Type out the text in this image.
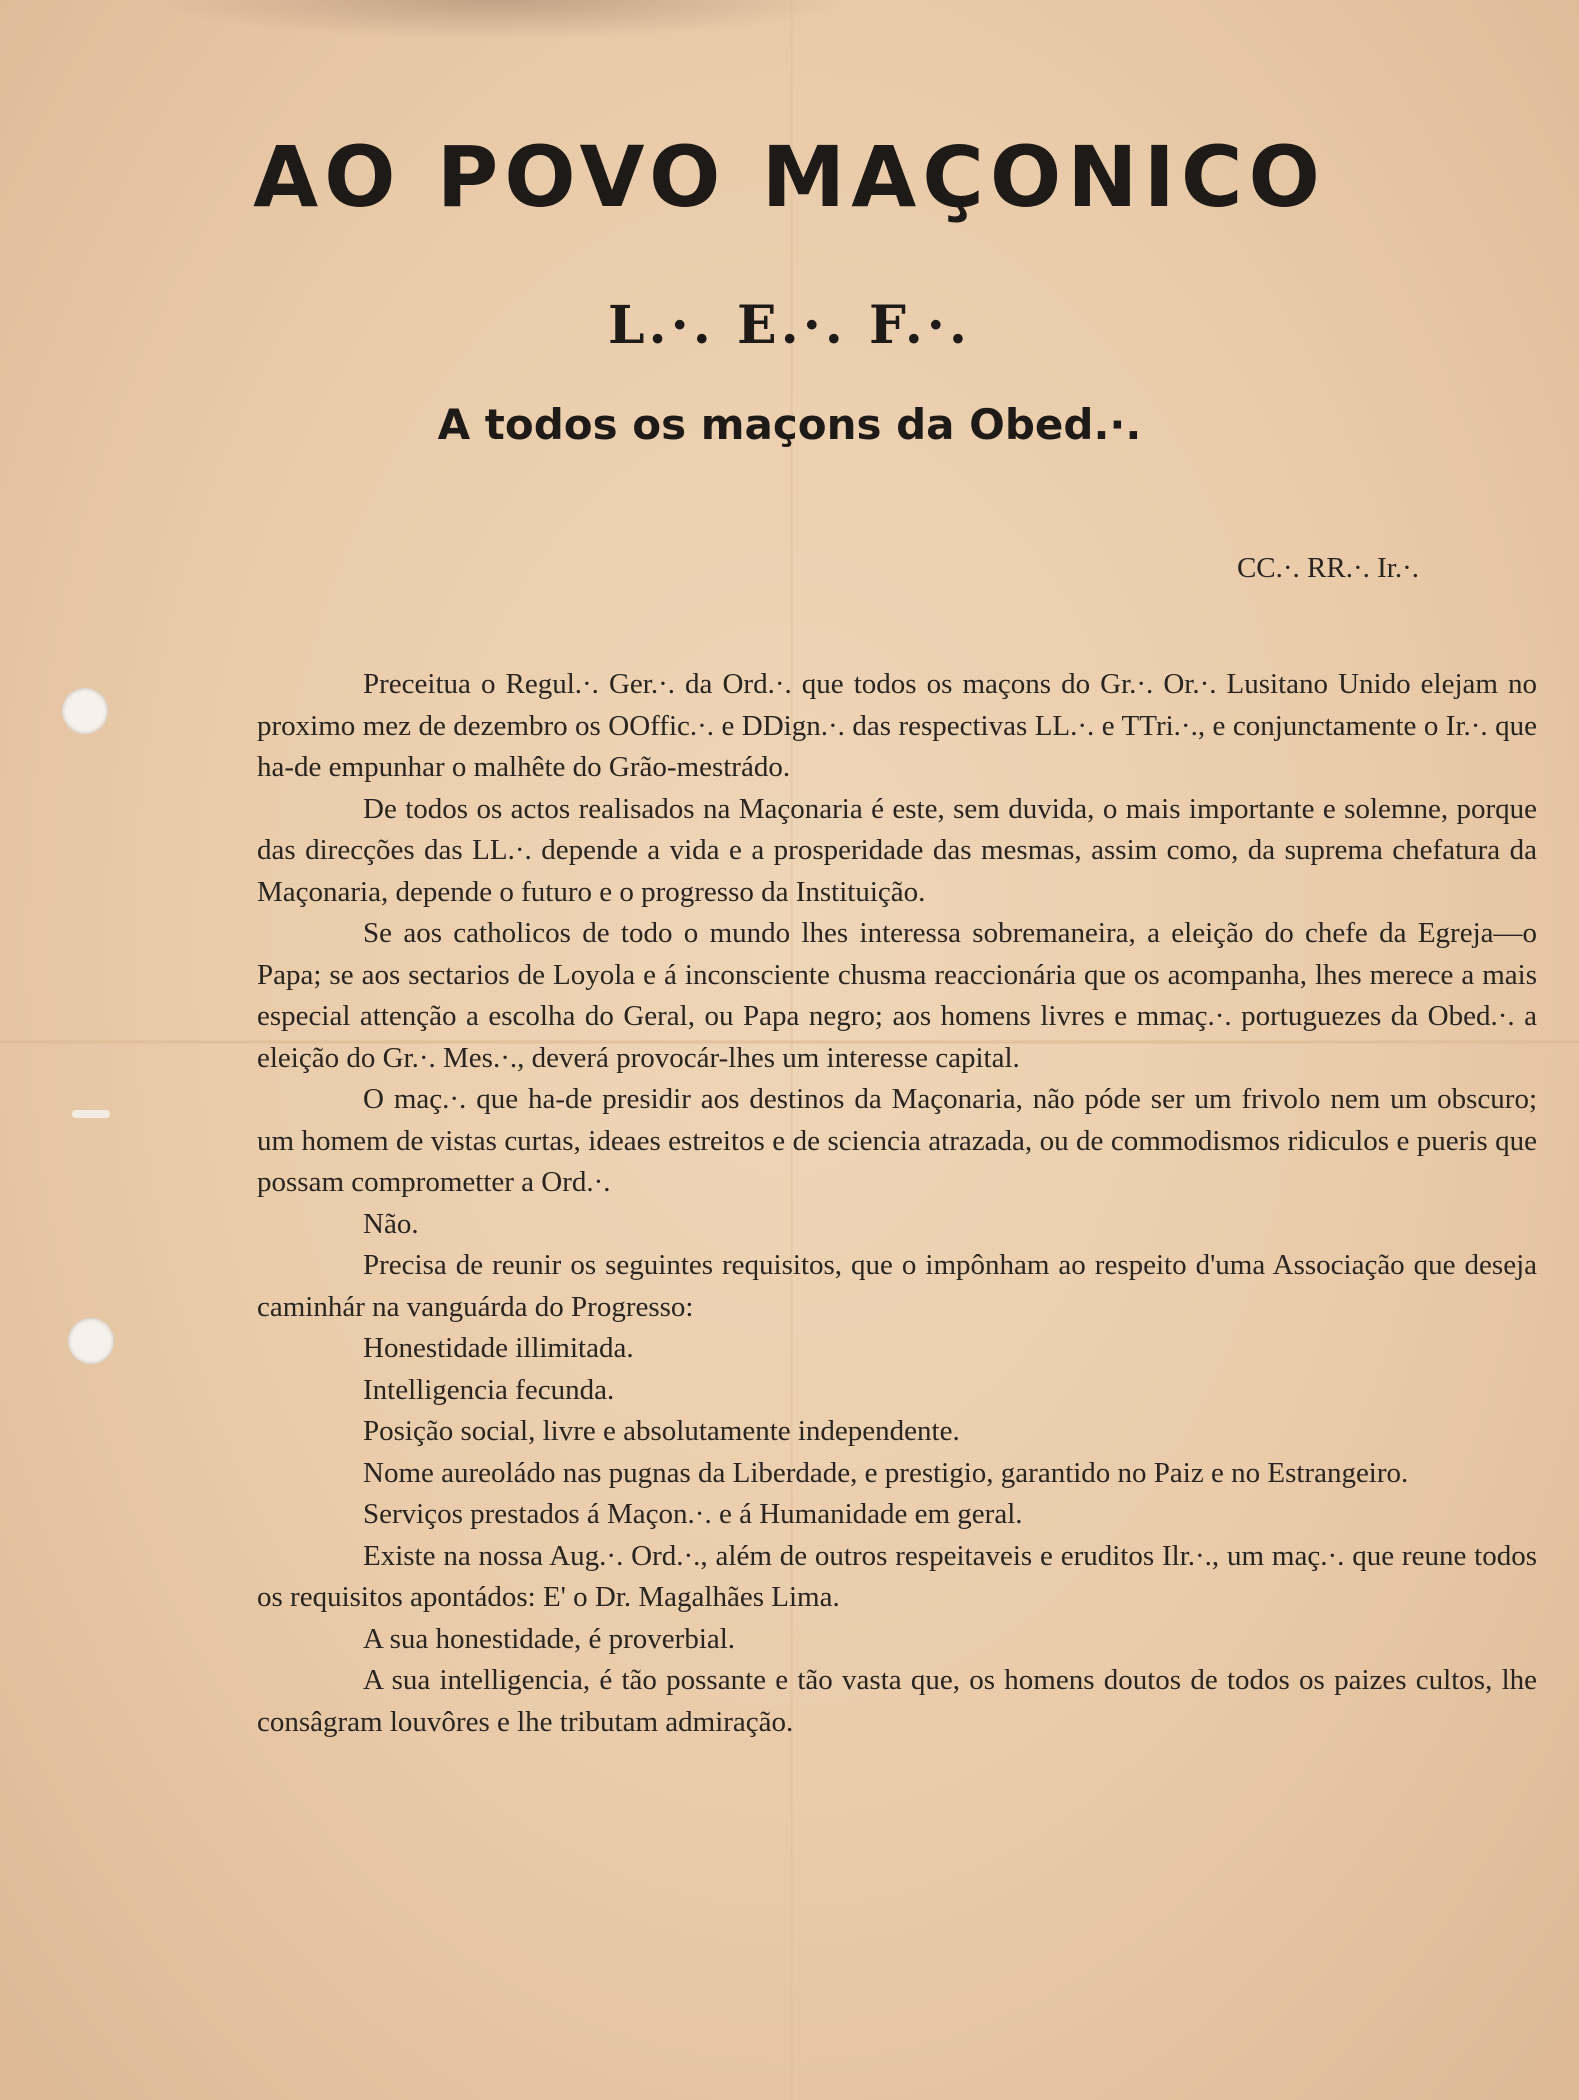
AO POVO MAÇONICO
L.·. E.·. F.·.
A todos os maçons da Obed.·.
CC.·. RR.·. Ir.·.

Preceitua o Regul.·. Ger.·. da Ord.·. que todos os maçons do Gr.·. Or.·. Lusitano Unido elejam no proximo mez de dezembro os OOffic.·. e DDign.·. das respectivas LL.·. e TTri.·., e conjunctamente o Ir.·. que ha-de empunhar o malhête do Grão-mestrádo.

De todos os actos realisados na Maçonaria é este, sem duvida, o mais importante e solemne, porque das direcções das LL.·. depende a vida e a prosperidade das mesmas, assim como, da suprema chefatura da Maçonaria, depende o futuro e o progresso da Instituição.

Se aos catholicos de todo o mundo lhes interessa sobremaneira, a eleição do chefe da Egreja—o Papa; se aos sectarios de Loyola e á inconsciente chusma reaccionária que os acompanha, lhes merece a mais especial attenção a escolha do Geral, ou Papa negro; aos homens livres e mmaç.·. portuguezes da Obed.·. a eleição do Gr.·. Mes.·., deverá provocár-lhes um interesse capital.

O maç.·. que ha-de presidir aos destinos da Maçonaria, não póde ser um frivolo nem um obscuro; um homem de vistas curtas, ideaes estreitos e de sciencia atrazada, ou de commodismos ridiculos e pueris que possam comprometter a Ord.·.

Não.

Precisa de reunir os seguintes requisitos, que o impônham ao respeito d'uma Associação que deseja caminhár na vanguárda do Progresso:

Honestidade illimitada.

Intelligencia fecunda.

Posição social, livre e absolutamente independente.

Nome aureoládo nas pugnas da Liberdade, e prestigio, garantido no Paiz e no Estrangeiro.

Serviços prestados á Maçon.·. e á Humanidade em geral.

Existe na nossa Aug.·. Ord.·., além de outros respeitaveis e eruditos Ilr.·., um maç.·. que reune todos os requisitos apontádos: E' o Dr. Magalhães Lima.

A sua honestidade, é proverbial.

A sua intelligencia, é tão possante e tão vasta que, os homens doutos de todos os paizes cultos, lhe consâgram louvôres e lhe tributam admiração.
